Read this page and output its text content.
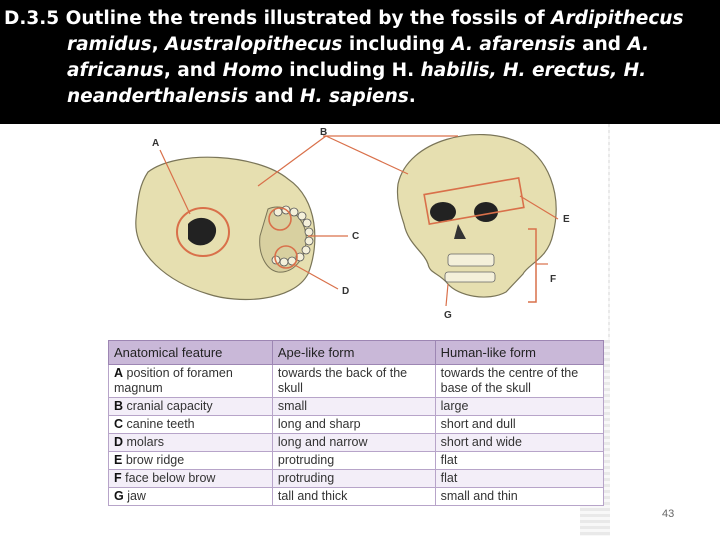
D.3.5 Outline the trends illustrated by the fossils of Ardipithecus
ramidus, Australopithecus including A. afarensis and A.
africanus, and Homo including H. habilis, H. erectus, H.
neanderthalensis and H. sapiens.
A
B
C
D
E
F
G
Anatomical feature	Ape-like form	Human-like form
A position of foramen magnum	towards the back of the skull	towards the centre of the base of the skull
B cranial capacity	small	large
C canine teeth	long and sharp	short and dull
D molars	long and narrow	short and wide
E brow ridge	protruding	flat
F face below brow	protruding	flat
G jaw	tall and thick	small and thin
43
